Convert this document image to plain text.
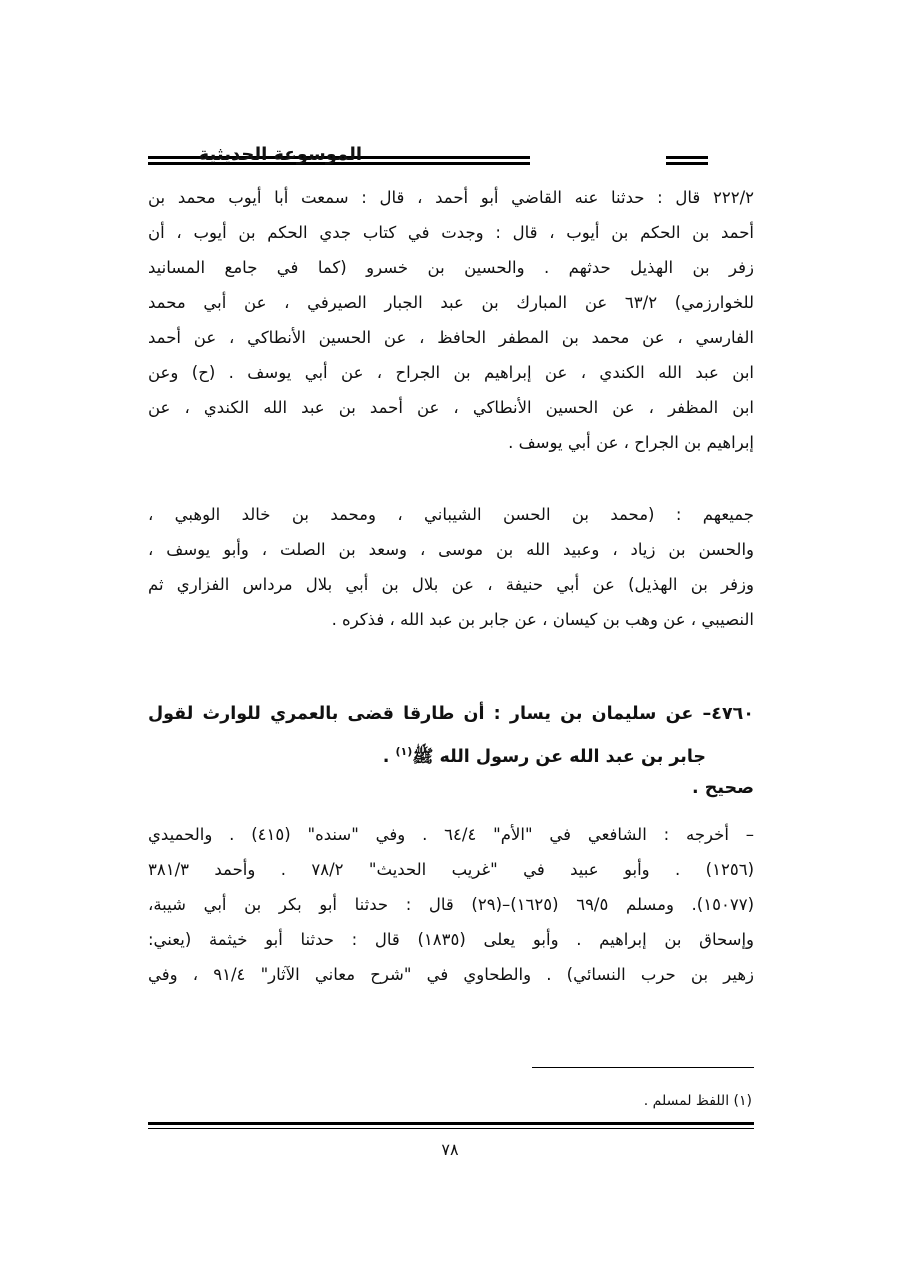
الموسوعة الحديثية
٢٢٢/٢ قال : حدثنا عنه القاضي أبو أحمد ، قال : سمعت أبا أيوب محمد بن
أحمد بن الحكم بن أيوب ، قال : وجدت في كتاب جدي الحكم بن أيوب ، أن
زفر بن الهذيل حدثهم . والحسين بن خسرو (كما في جامع المسانيد
للخوارزمي) ٦٣/٢ عن المبارك بن عبد الجبار الصيرفي ، عن أبي محمد
الفارسي ، عن محمد بن المطفر الحافظ ، عن الحسين الأنطاكي ، عن أحمد
ابن عبد الله الكندي ، عن إبراهيم بن الجراح ، عن أبي يوسف . (ح) وعن
ابن المظفر ، عن الحسين الأنطاكي ، عن أحمد بن عبد الله الكندي ، عن
إبراهيم بن الجراح ، عن أبي يوسف .
جميعهم : (محمد بن الحسن الشيباني ، ومحمد بن خالد الوهبي ،
والحسن بن زياد ، وعبيد الله بن موسى ، وسعد بن الصلت ، وأبو يوسف ،
وزفر بن الهذيل) عن أبي حنيفة ، عن بلال بن أبي بلال مرداس الفزاري ثم
النصيبي ، عن وهب بن كيسان ، عن جابر بن عبد الله ، فذكره .
٤٧٦٠– عن سليمان بن يسار : أن طارقا قضى بالعمري للوارث لقول
جابر بن عبد الله عن رسول الله ﷺ$^{(١)}$ .
صحيح .
– أخرجه : الشافعي في "الأم" ٦٤/٤ . وفي "سنده" (٤١٥) . والحميدي
(١٢٥٦) . وأبو عبيد في "غريب الحديث" ٧٨/٢ . وأحمد ٣٨١/٣
(١٥٠٧٧). ومسلم ٦٩/٥ (١٦٢٥)–(٢٩) قال : حدثنا أبو بكر بن أبي شيبة،
وإسحاق بن إبراهيم . وأبو يعلى (١٨٣٥) قال : حدثنا أبو خيثمة (يعني:
زهير بن حرب النسائي) . والطحاوي في "شرح معاني الآثار" ٩١/٤ ، وفي
(١) اللفظ لمسلم .
٧٨
